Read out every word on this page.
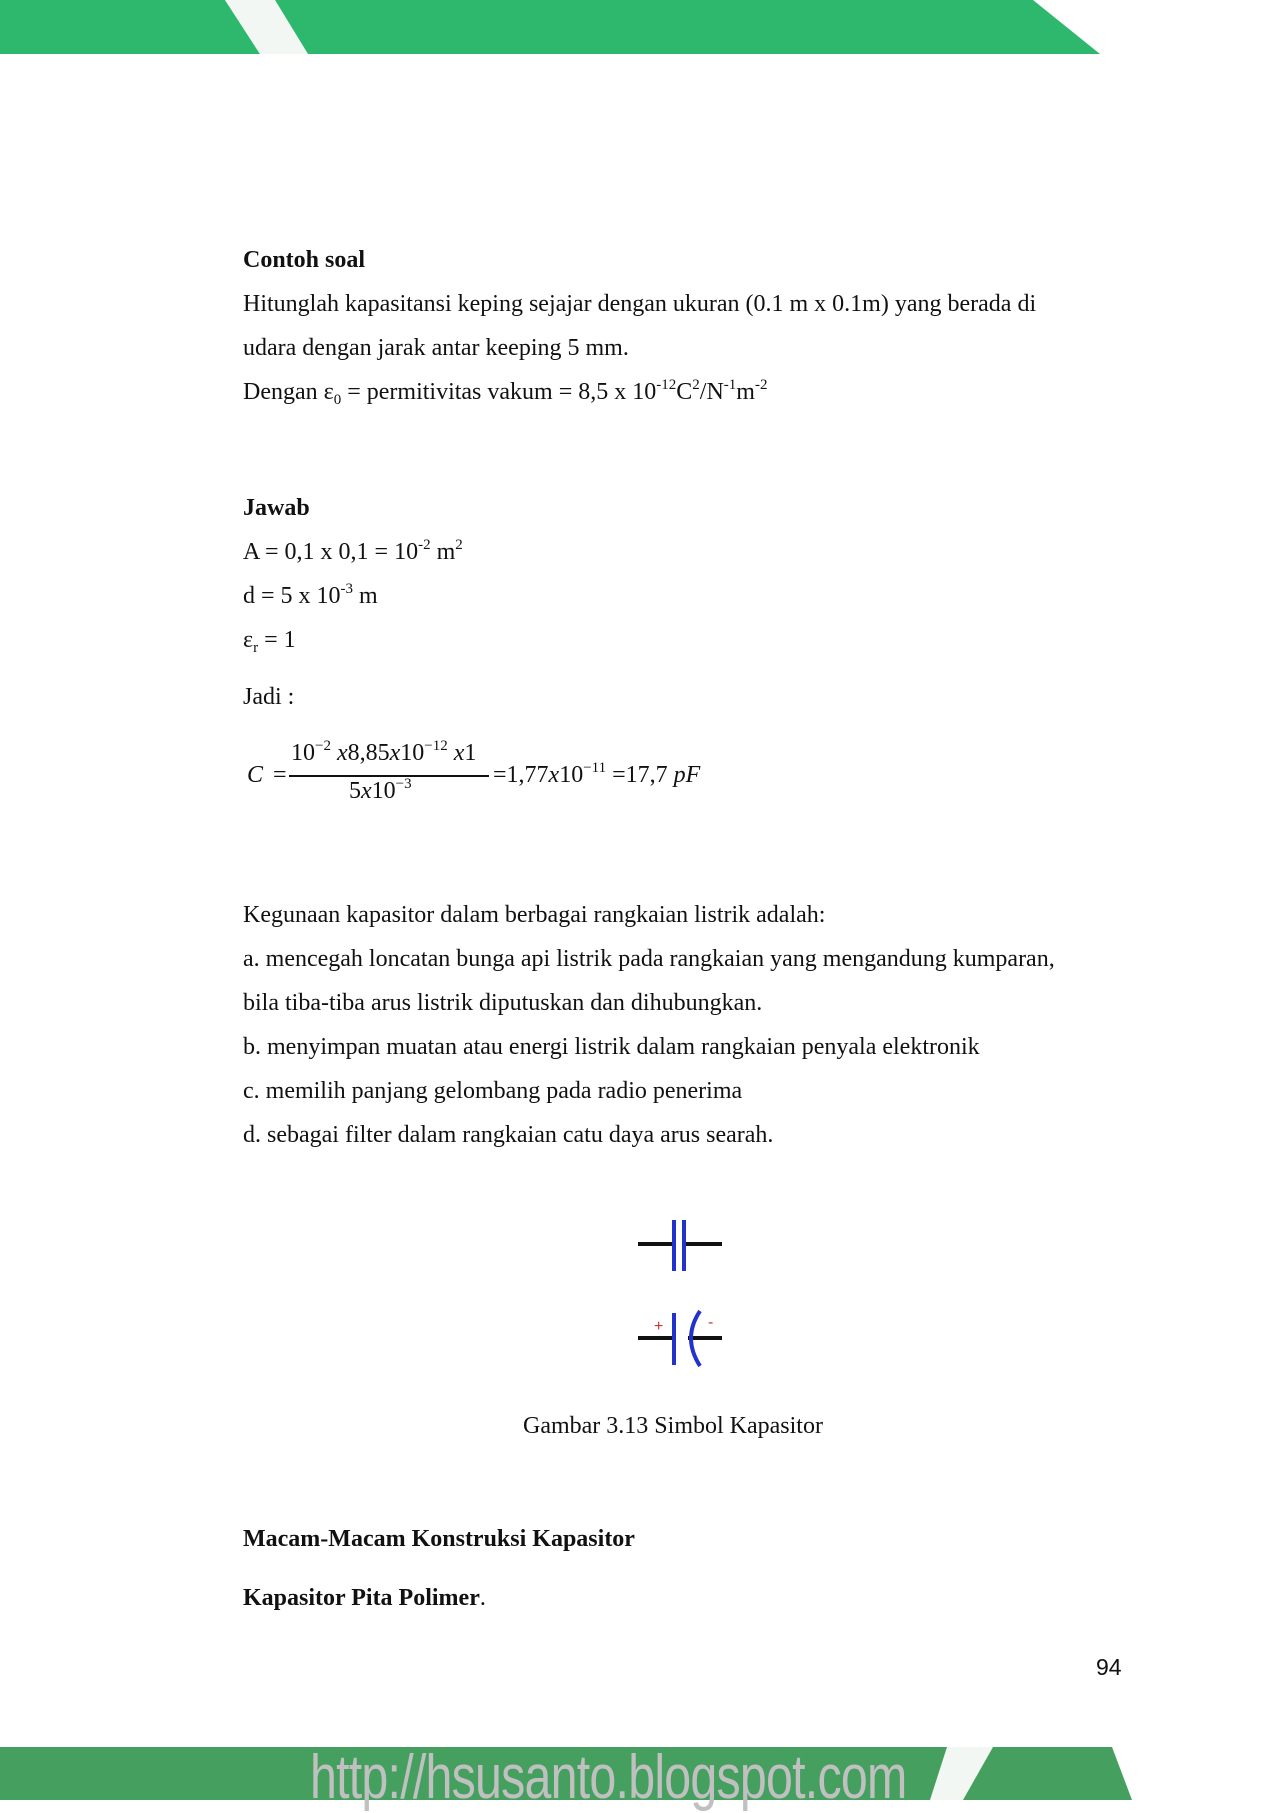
Contoh soal
Hitunglah kapasitansi keping sejajar dengan ukuran (0.1 m x 0.1m) yang berada di
udara dengan jarak antar keeping 5 mm.
Dengan $\varepsilon_0$ = permitivitas vakum = 8,5 x $10^{-12}C^2/N^{-1}m^{-2}$
Jawab
A = 0,1 x $0,1 = 10^{-2}$ $m^2$
d = 5 x $10^{-3}$ m
$\varepsilon_r = 1$
Jadi :
C =
$10^{-2}$ $x8,85x10^{-12}$ x1
$5x10^{-3}$	$=1,77x10^{-11} =17,7$ pF
Kegunaan kapasitor dalam berbagai rangkaian listrik adalah:
a. mencegah loncatan bunga api listrik pada rangkaian yang mengandung kumparan,
bila tiba-tiba arus listrik diputuskan dan dihubungkan.
b. menyimpan muatan atau energi listrik dalam rangkaian penyala elektronik
c. memilih panjang gelombang pada radio penerima
d. sebagai filter dalam rangkaian catu daya arus searah.
+	-
Gambar 3.13 Simbol Kapasitor
Macam-Macam Konstruksi Kapasitor
Kapasitor Pita Polimer.
94
http://hsusanto.blogspot.com
